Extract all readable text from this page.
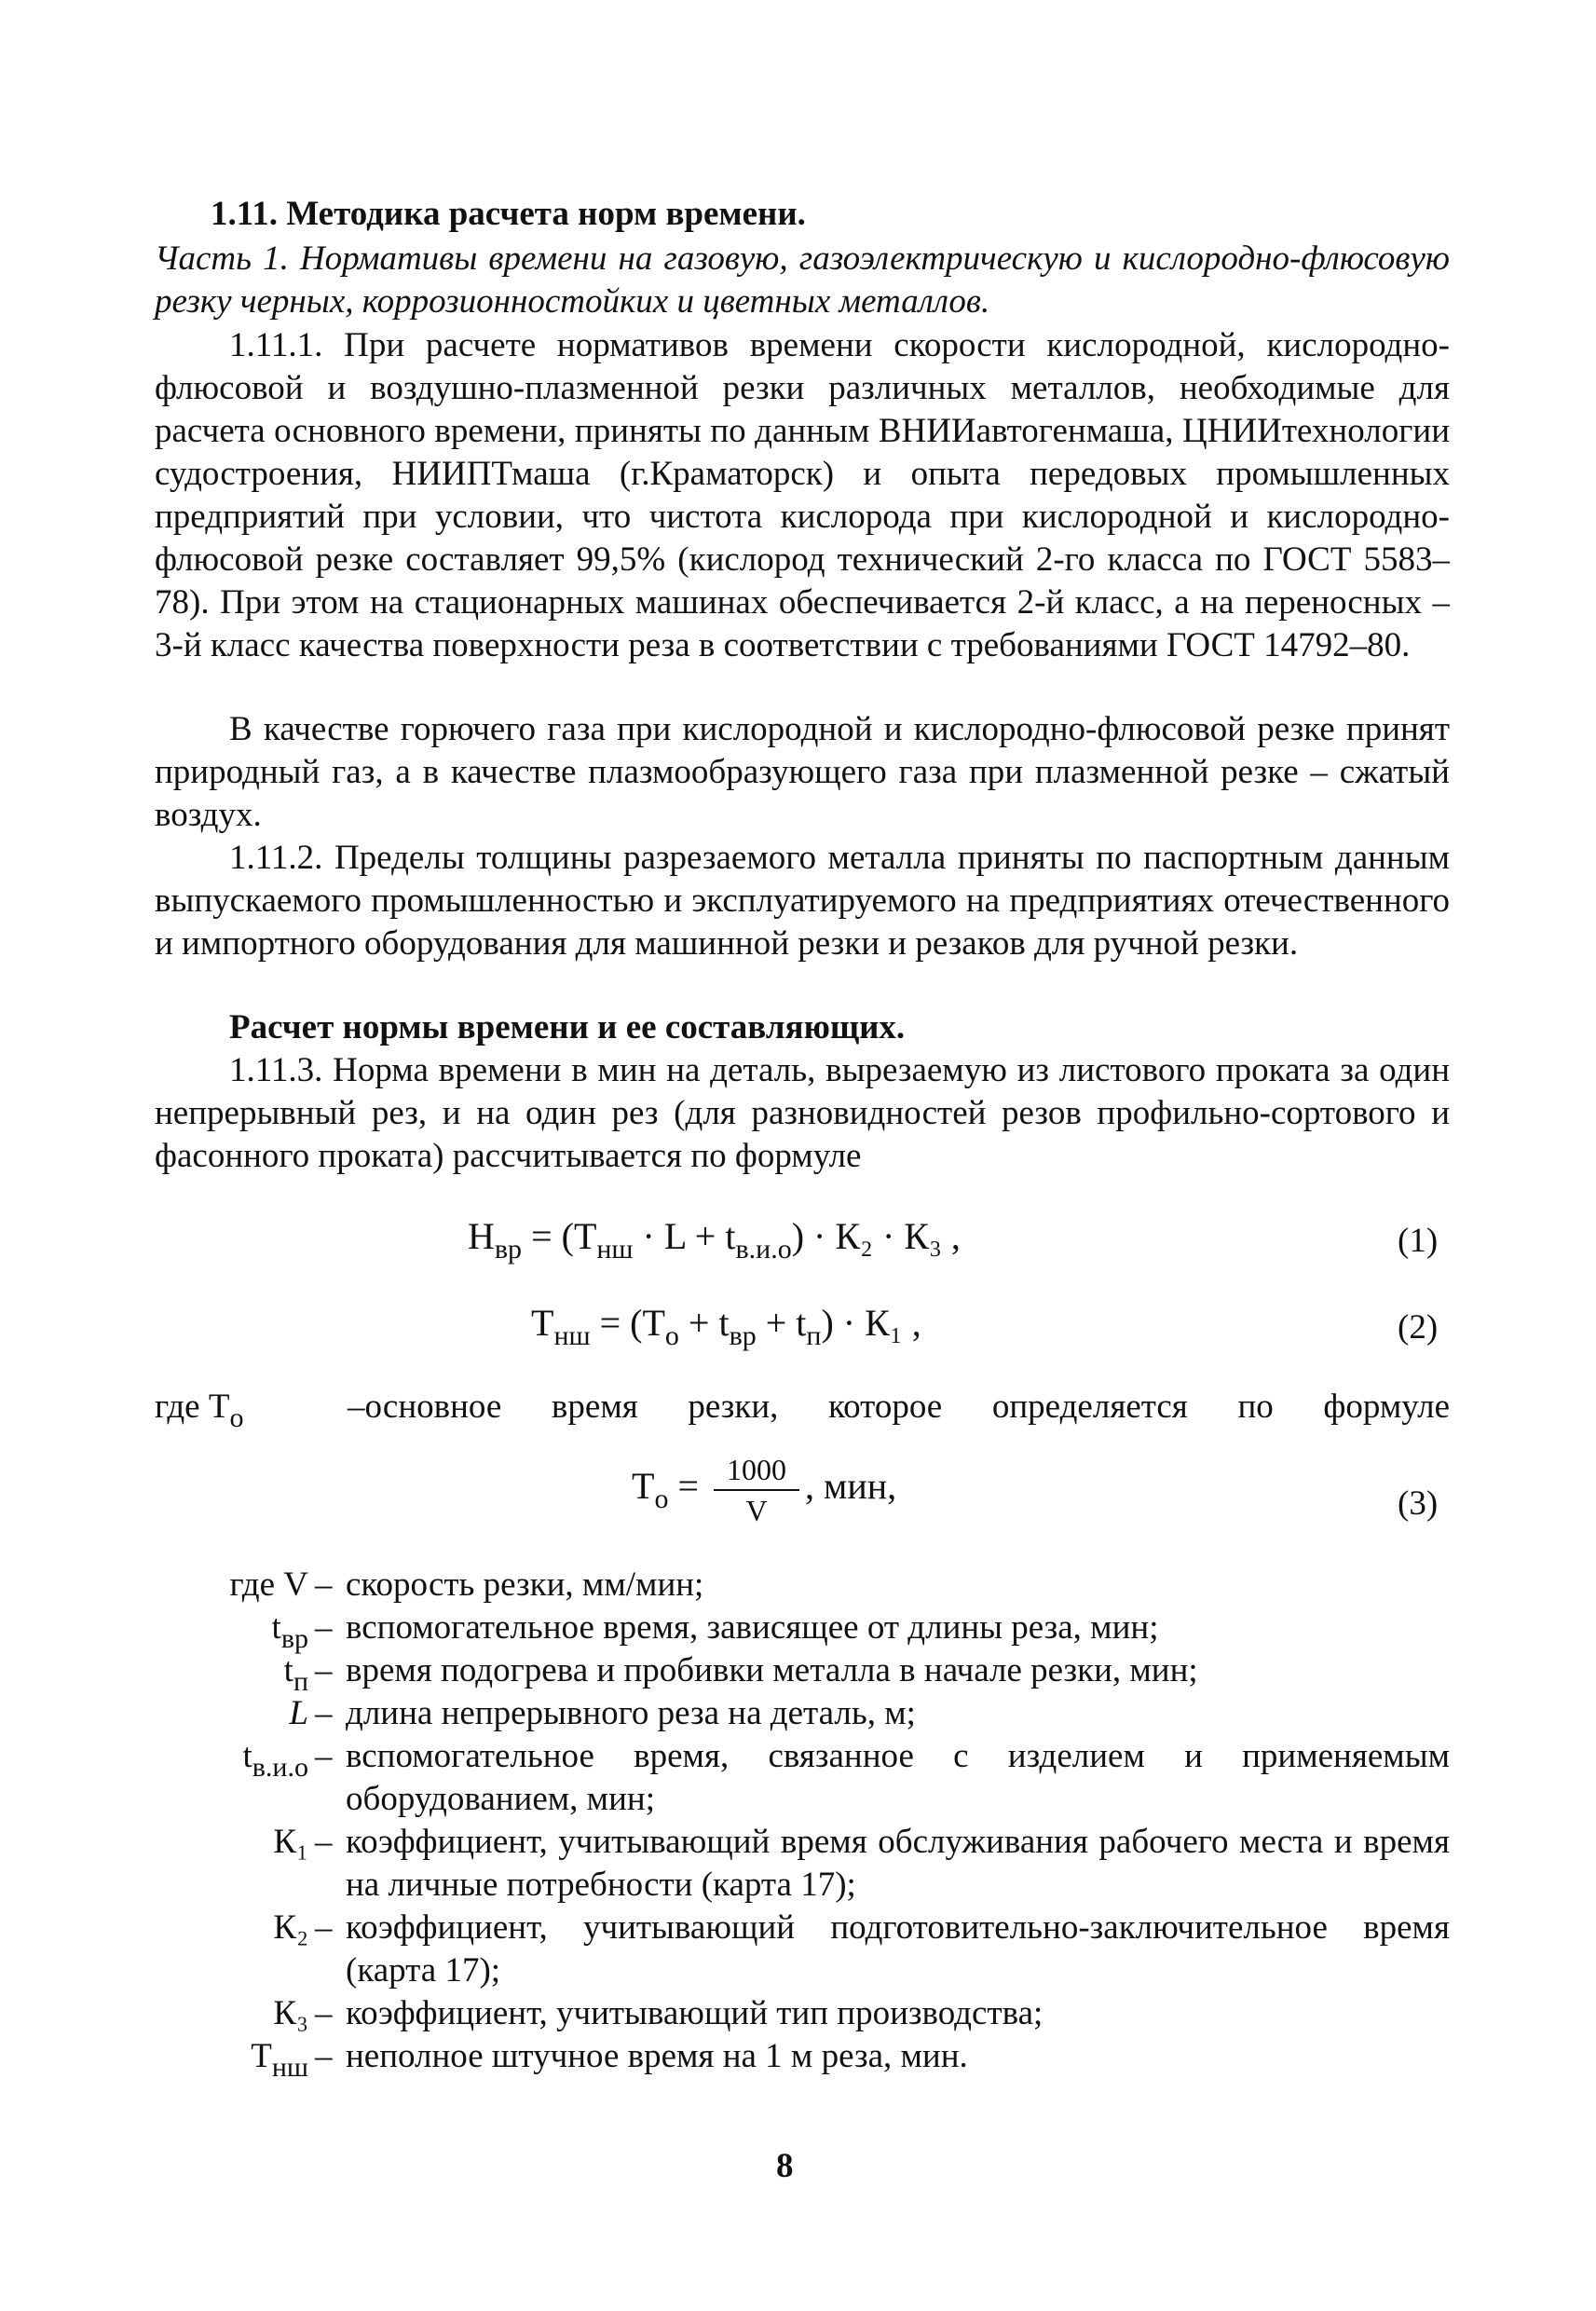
1.11. Методика расчета норм времени.

Часть 1. Нормативы времени на газовую, газоэлектрическую и кислородно-флюсовую резку черных, коррозионностойких и цветных металлов.

1.11.1. При расчете нормативов времени скорости кислородной, кислородно-флюсовой и воздушно-плазменной резки различных металлов, необходимые для расчета основного времени, приняты по данным ВНИИавтогенмаша, ЦНИИтехнологии судостроения, НИИПТмаша (г.Краматорск) и опыта передовых промышленных предприятий при условии, что чистота кислорода при кислородной и кислородно-флюсовой резке составляет 99,5% (кислород технический 2-го класса по ГОСТ 5583–78). При этом на стационарных машинах обеспечивается 2-й класс, а на переносных – 3-й класс качества поверхности реза в соответствии с требованиями ГОСТ 14792–80.

В качестве горючего газа при кислородной и кислородно-флюсовой резке принят природный газ, а в качестве плазмообразующего газа при плазменной резке – сжатый воздух.

1.11.2. Пределы толщины разрезаемого металла приняты по паспортным данным выпускаемого промышленностью и эксплуатируемого на предприятиях отечественного и импортного оборудования для машинной резки и резаков для ручной резки.

Расчет нормы времени и ее составляющих.

1.11.3. Норма времени в мин на деталь, вырезаемую из листового проката за один непрерывный рез, и на один рез (для разновидностей резов профильно-сортового и фасонного проката) рассчитывается по формуле

$Н_{вр} = (Т_{нш} \cdot L + t_{в.и.о}) \cdot К_2 \cdot К_3$ ,	(1)
$Т_{нш} = (Т_о + t_{вр} + t_п) \cdot К_1$ ,	(2)
где $Т_о$	–основное время резки, которое определяется по формуле
$Т_о = \frac{1000}{V}$ , мин,	(3)
где V – скорость резки, мм/мин;
$t_{вр}$ – вспомогательное время, зависящее от длины реза, мин;
$t_п$ – время подогрева и пробивки металла в начале резки, мин;
L – длина непрерывного реза на деталь, м;
$t_{в.и.о}$ – вспомогательное время, связанное с изделием и применяемым оборудованием, мин;
К₁ – коэффициент, учитывающий время обслуживания рабочего места и время на личные потребности (карта 17);
К₂ – коэффициент, учитывающий подготовительно-заключительное время (карта 17);
К₃ – коэффициент, учитывающий тип производства;
$Т_{нш}$ – неполное штучное время на 1 м реза, мин.
8
